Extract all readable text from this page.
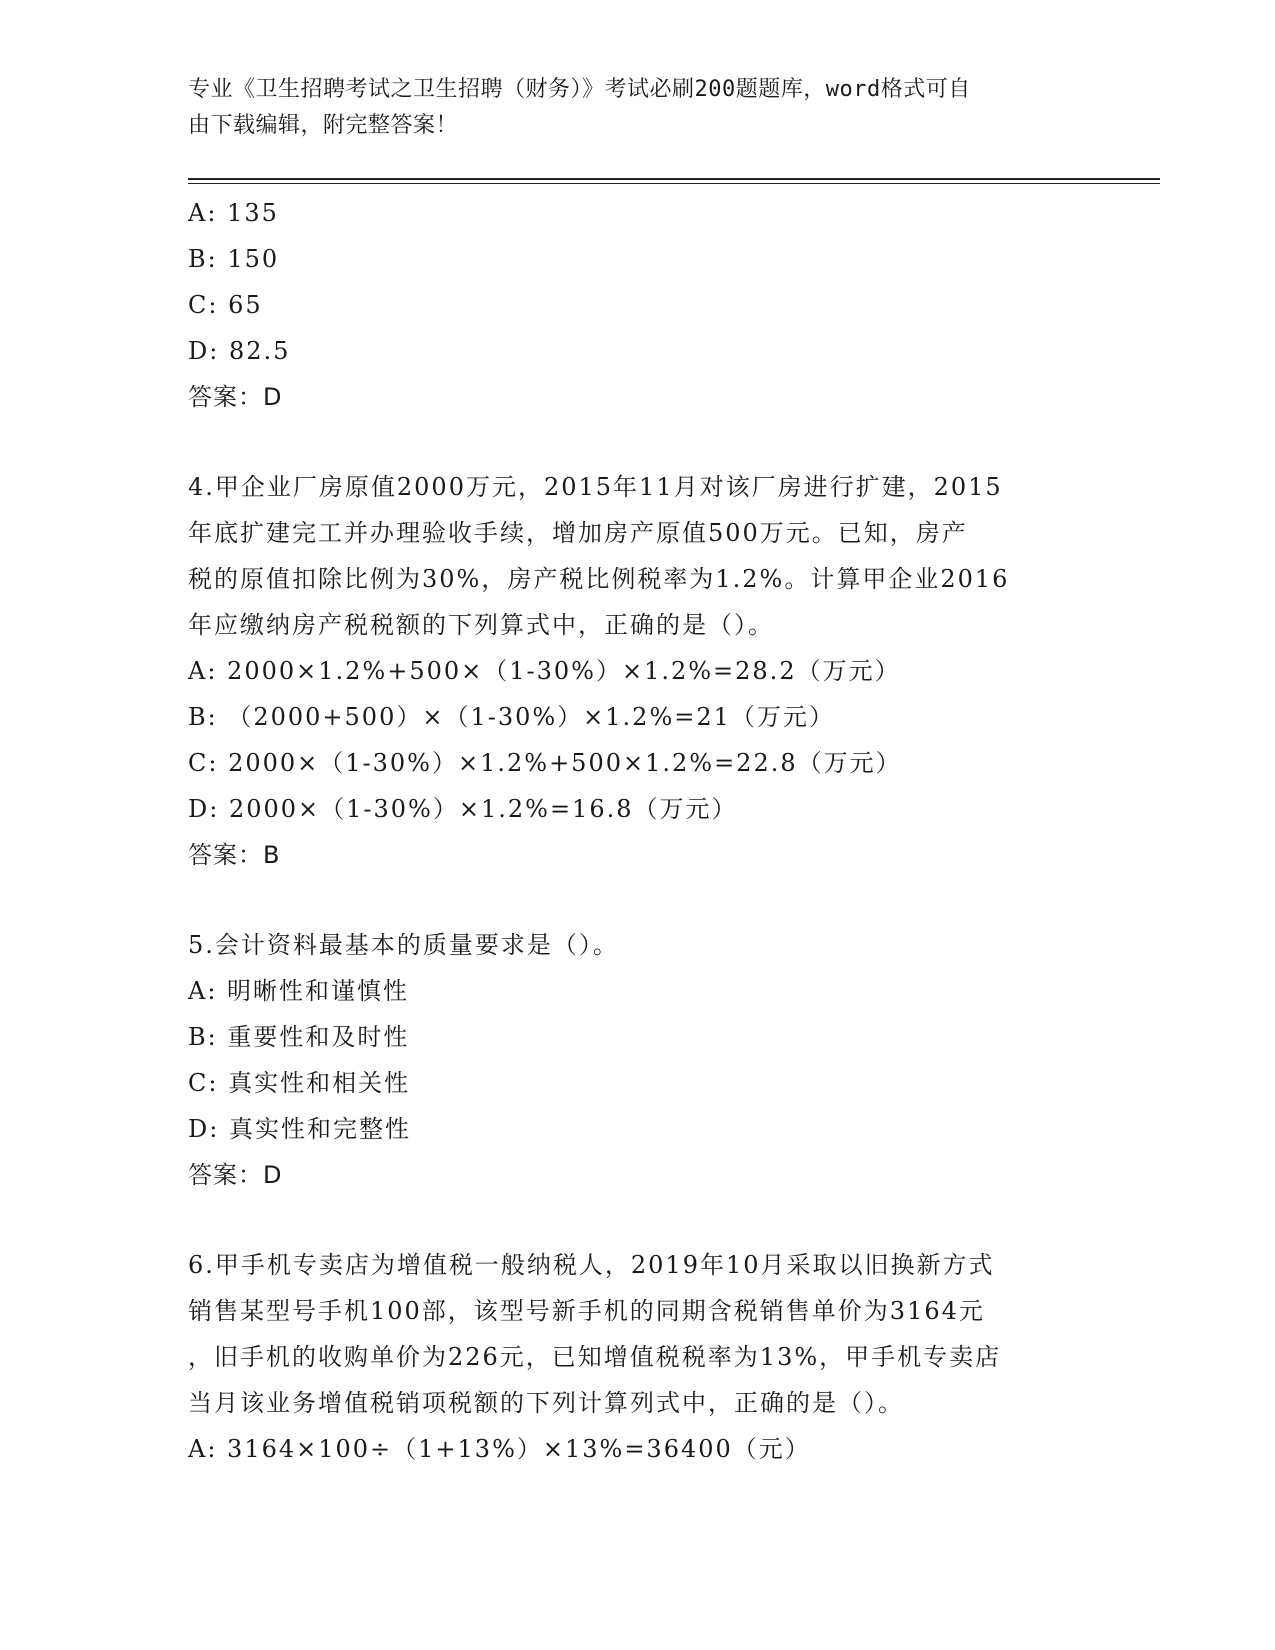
专业《卫生招聘考试之卫生招聘（财务）》考试必刷200题题库，word格式可自
由下载编辑，附完整答案！
A: 135
B: 150
C: 65
D: 82.5
答案：D
4.甲企业厂房原值2000万元，2015年11月对该厂房进行扩建，2015
年底扩建完工并办理验收手续，增加房产原值500万元。已知，房产
税的原值扣除比例为30%，房产税比例税率为1.2%。计算甲企业2016
年应缴纳房产税税额的下列算式中，正确的是（）。
A: 2000×1.2%+500×（1-30%）×1.2%=28.2（万元）
B: （2000+500）×（1-30%）×1.2%=21（万元）
C: 2000×（1-30%）×1.2%+500×1.2%=22.8（万元）
D: 2000×（1-30%）×1.2%=16.8（万元）
答案：B
5.会计资料最基本的质量要求是（）。
A: 明晰性和谨慎性
B: 重要性和及时性
C: 真实性和相关性
D: 真实性和完整性
答案：D
6.甲手机专卖店为增值税一般纳税人，2019年10月采取以旧换新方式
销售某型号手机100部，该型号新手机的同期含税销售单价为3164元
，旧手机的收购单价为226元，已知增值税税率为13%，甲手机专卖店
当月该业务增值税销项税额的下列计算列式中，正确的是（）。
A: 3164×100÷（1+13%）×13%=36400（元）
